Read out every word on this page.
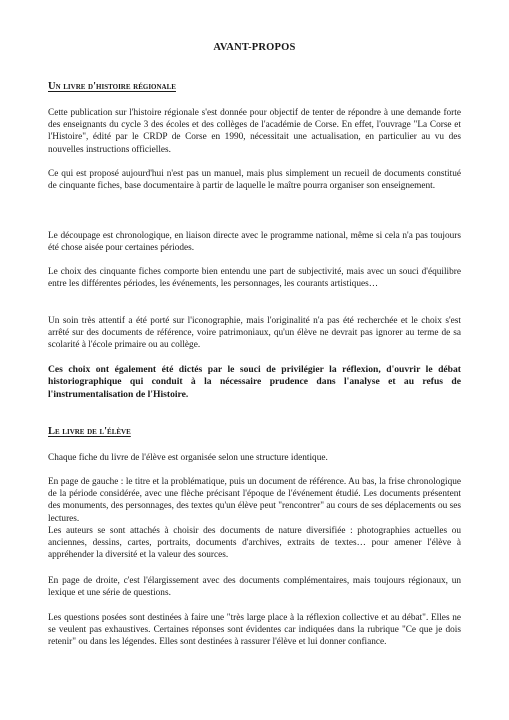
AVANT-PROPOS
Un livre d'histoire régionale

Cette publication sur l'histoire régionale s'est donnée pour objectif de tenter de répondre à une demande forte des enseignants du cycle 3 des écoles et des collèges de l'académie de Corse. En effet, l'ouvrage "La Corse et l'Histoire", édité par le CRDP de Corse en 1990, nécessitait une actualisation, en particulier au vu des nouvelles instructions officielles.

Ce qui est proposé aujourd'hui n'est pas un manuel, mais plus simplement un recueil de documents constitué de cinquante fiches, base documentaire à partir de laquelle le maître pourra organiser son enseignement.

Le découpage est chronologique, en liaison directe avec le programme national, même si cela n'a pas toujours été chose aisée pour certaines périodes.

Le choix des cinquante fiches comporte bien entendu une part de subjectivité, mais avec un souci d'équilibre entre les différentes périodes, les événements, les personnages, les courants artistiques…

Un soin très attentif a été porté sur l'iconographie, mais l'originalité n'a pas été recherchée et le choix s'est arrêté sur des documents de référence, voire patrimoniaux, qu'un élève ne devrait pas ignorer au terme de sa scolarité à l'école primaire ou au collège.

Ces choix ont également été dictés par le souci de privilégier la réflexion, d'ouvrir le débat historiographique qui conduit à la nécessaire prudence dans l'analyse et au refus de l'instrumentalisation de l'Histoire.

Le livre de l'élève

Chaque fiche du livre de l'élève est organisée selon une structure identique.

En page de gauche : le titre et la problématique, puis un document de référence. Au bas, la frise chronologique de la période considérée, avec une flèche précisant l'époque de l'événement étudié. Les documents présentent des monuments, des personnages, des textes qu'un élève peut "rencontrer" au cours de ses déplacements ou ses lectures.

Les auteurs se sont attachés à choisir des documents de nature diversifiée : photographies actuelles ou anciennes, dessins, cartes, portraits, documents d'archives, extraits de textes… pour amener l'élève à appréhender la diversité et la valeur des sources.

En page de droite, c'est l'élargissement avec des documents complémentaires, mais toujours régionaux, un lexique et une série de questions.

Les questions posées sont destinées à faire une "très large place à la réflexion collective et au débat". Elles ne se veulent pas exhaustives. Certaines réponses sont évidentes car indiquées dans la rubrique "Ce que je dois retenir" ou dans les légendes. Elles sont destinées à rassurer l'élève et lui donner confiance.
